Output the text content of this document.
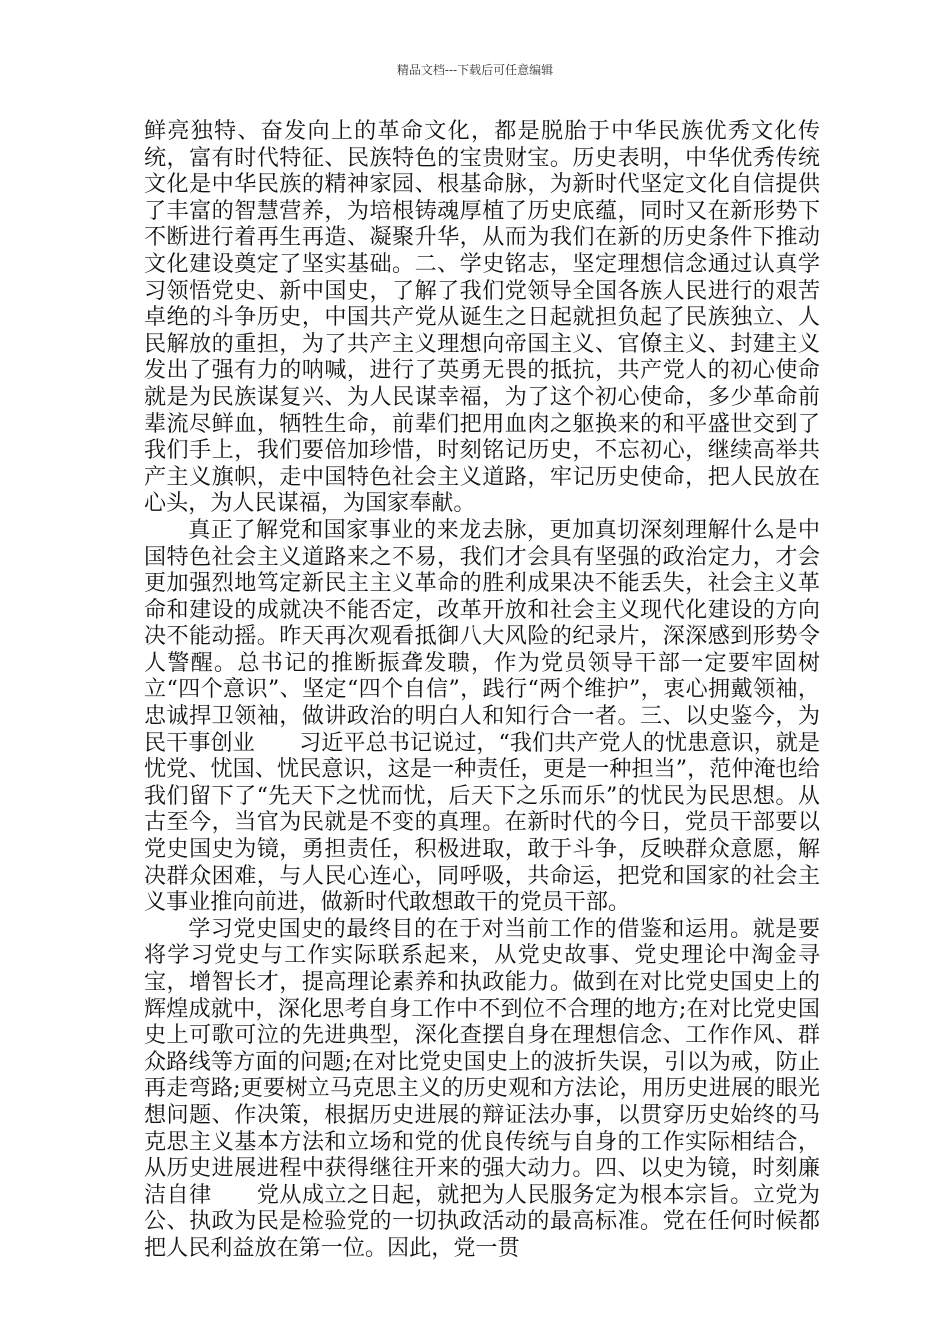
精品文档---下载后可任意编辑

鲜亮独特、奋发向上的革命文化，都是脱胎于中华民族优秀文化传统，富有时代特征、民族特色的宝贵财宝。历史表明，中华优秀传统文化是中华民族的精神家园、根基命脉，为新时代坚定文化自信提供了丰富的智慧营养，为培根铸魂厚植了历史底蕴，同时又在新形势下不断进行着再生再造、凝聚升华，从而为我们在新的历史条件下推动文化建设奠定了坚实基础。二、学史铭志，坚定理想信念通过认真学习领悟党史、新中国史，了解了我们党领导全国各族人民进行的艰苦卓绝的斗争历史，中国共产党从诞生之日起就担负起了民族独立、人民解放的重担，为了共产主义理想向帝国主义、官僚主义、封建主义发出了强有力的呐喊，进行了英勇无畏的抵抗，共产党人的初心使命就是为民族谋复兴、为人民谋幸福，为了这个初心使命，多少革命前辈流尽鲜血，牺牲生命，前辈们把用血肉之躯换来的和平盛世交到了我们手上，我们要倍加珍惜，时刻铭记历史，不忘初心，继续高举共产主义旗帜，走中国特色社会主义道路，牢记历史使命，把人民放在心头，为人民谋福，为国家奉献。

真正了解党和国家事业的来龙去脉，更加真切深刻理解什么是中国特色社会主义道路来之不易，我们才会具有坚强的政治定力，才会更加强烈地笃定新民主主义革命的胜利成果决不能丢失，社会主义革命和建设的成就决不能否定，改革开放和社会主义现代化建设的方向决不能动摇。昨天再次观看抵御八大风险的纪录片，深深感到形势令人警醒。总书记的推断振聋发聩，作为党员领导干部一定要牢固树立“四个意识”、坚定“四个自信”，践行“两个维护”，衷心拥戴领袖，忠诚捍卫领袖，做讲政治的明白人和知行合一者。三、以史鉴今，为民干事创业　　习近平总书记说过，“我们共产党人的忧患意识，就是忧党、忧国、忧民意识，这是一种责任，更是一种担当”，范仲淹也给我们留下了“先天下之忧而忧，后天下之乐而乐”的忧民为民思想。从古至今，当官为民就是不变的真理。在新时代的今日，党员干部要以党史国史为镜，勇担责任，积极进取，敢于斗争，反映群众意愿，解决群众困难，与人民心连心，同呼吸，共命运，把党和国家的社会主义事业推向前进，做新时代敢想敢干的党员干部。

学习党史国史的最终目的在于对当前工作的借鉴和运用。就是要将学习党史与工作实际联系起来，从党史故事、党史理论中淘金寻宝，增智长才，提高理论素养和执政能力。做到在对比党史国史上的辉煌成就中，深化思考自身工作中不到位不合理的地方;在对比党史国史上可歌可泣的先进典型，深化查摆自身在理想信念、工作作风、群众路线等方面的问题;在对比党史国史上的波折失误，引以为戒，防止再走弯路;更要树立马克思主义的历史观和方法论，用历史进展的眼光想问题、作决策，根据历史进展的辩证法办事，以贯穿历史始终的马克思主义基本方法和立场和党的优良传统与自身的工作实际相结合，从历史进展进程中获得继往开来的强大动力。四、以史为镜，时刻廉洁自律　　党从成立之日起，就把为人民服务定为根本宗旨。立党为公、执政为民是检验党的一切执政活动的最高标准。党在任何时候都把人民利益放在第一位。因此，党一贯
